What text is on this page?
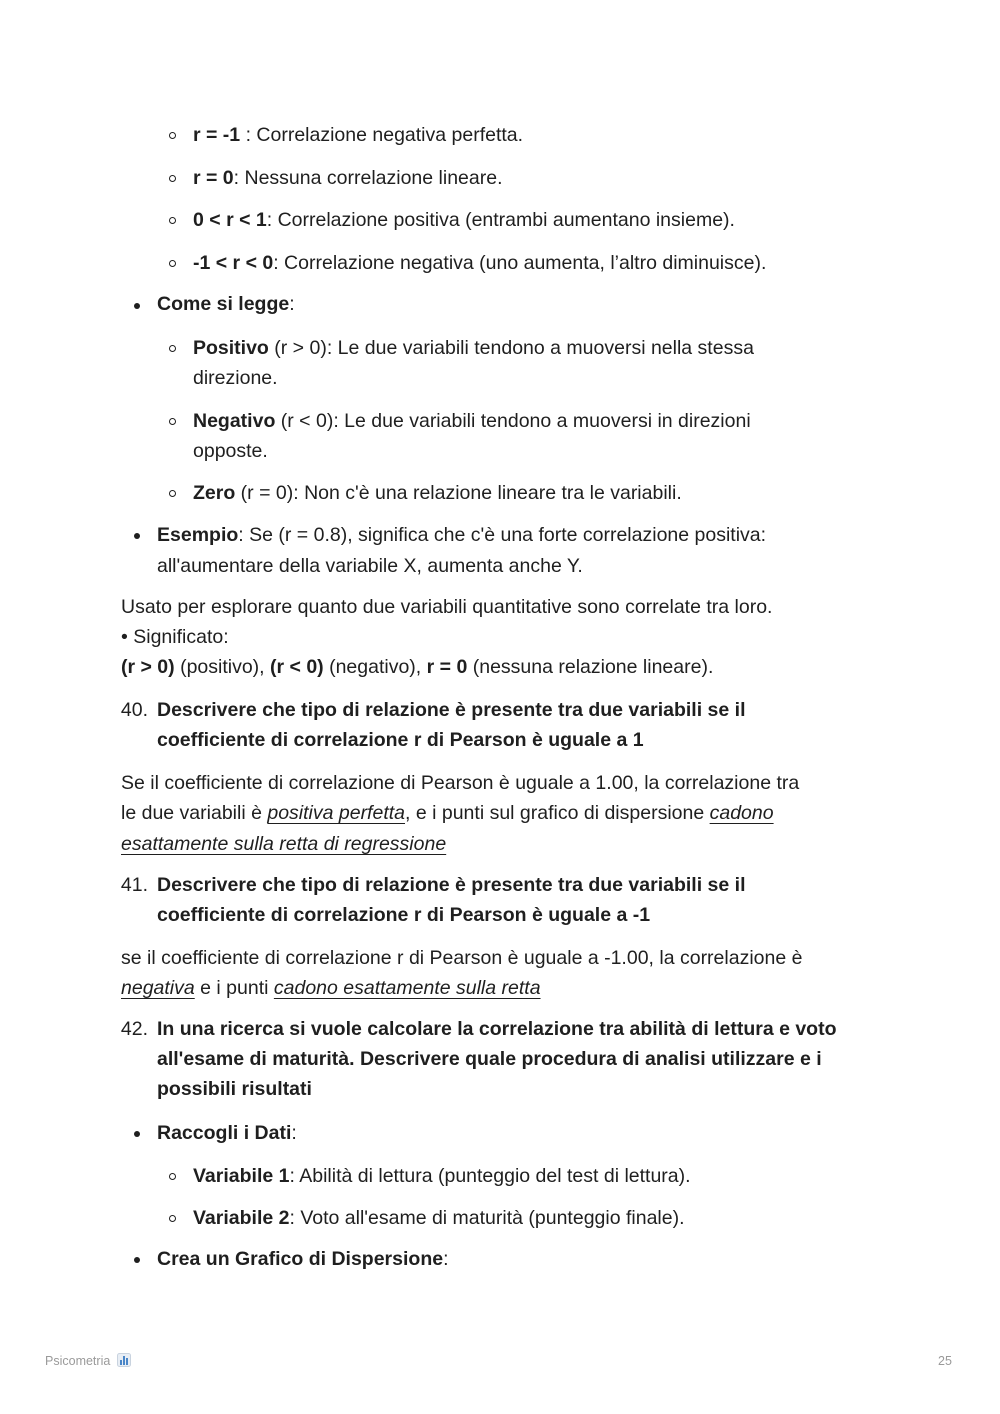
r = -1 : Correlazione negativa perfetta.
r = 0: Nessuna correlazione lineare.
0 < r < 1: Correlazione positiva (entrambi aumentano insieme).
-1 < r < 0: Correlazione negativa (uno aumenta, l’altro diminuisce).
Come si legge:
Positivo (r > 0): Le due variabili tendono a muoversi nella stessa
direzione.
Negativo (r < 0): Le due variabili tendono a muoversi in direzioni
opposte.
Zero (r = 0): Non c'è una relazione lineare tra le variabili.
Esempio: Se (r = 0.8), significa che c'è una forte correlazione positiva:
all'aumentare della variabile X, aumenta anche Y.
Usato per esplorare quanto due variabili quantitative sono correlate tra loro.
• Significato:
(r > 0) (positivo), (r < 0) (negativo), r = 0 (nessuna relazione lineare).
40. Descrivere che tipo di relazione è presente tra due variabili se il
coefficiente di correlazione r di Pearson è uguale a 1
Se il coefficiente di correlazione di Pearson è uguale a 1.00, la correlazione tra
le due variabili è positiva perfetta, e i punti sul grafico di dispersione cadono
esattamente sulla retta di regressione
41. Descrivere che tipo di relazione è presente tra due variabili se il
coefficiente di correlazione r di Pearson è uguale a -1
se il coefficiente di correlazione r di Pearson è uguale a -1.00, la correlazione è
negativa e i punti cadono esattamente sulla retta
42. In una ricerca si vuole calcolare la correlazione tra abilità di lettura e voto
all'esame di maturità. Descrivere quale procedura di analisi utilizzare e i
possibili risultati
Raccogli i Dati:
Variabile 1: Abilità di lettura (punteggio del test di lettura).
Variabile 2: Voto all'esame di maturità (punteggio finale).
Crea un Grafico di Dispersione:
Psicometria	25
